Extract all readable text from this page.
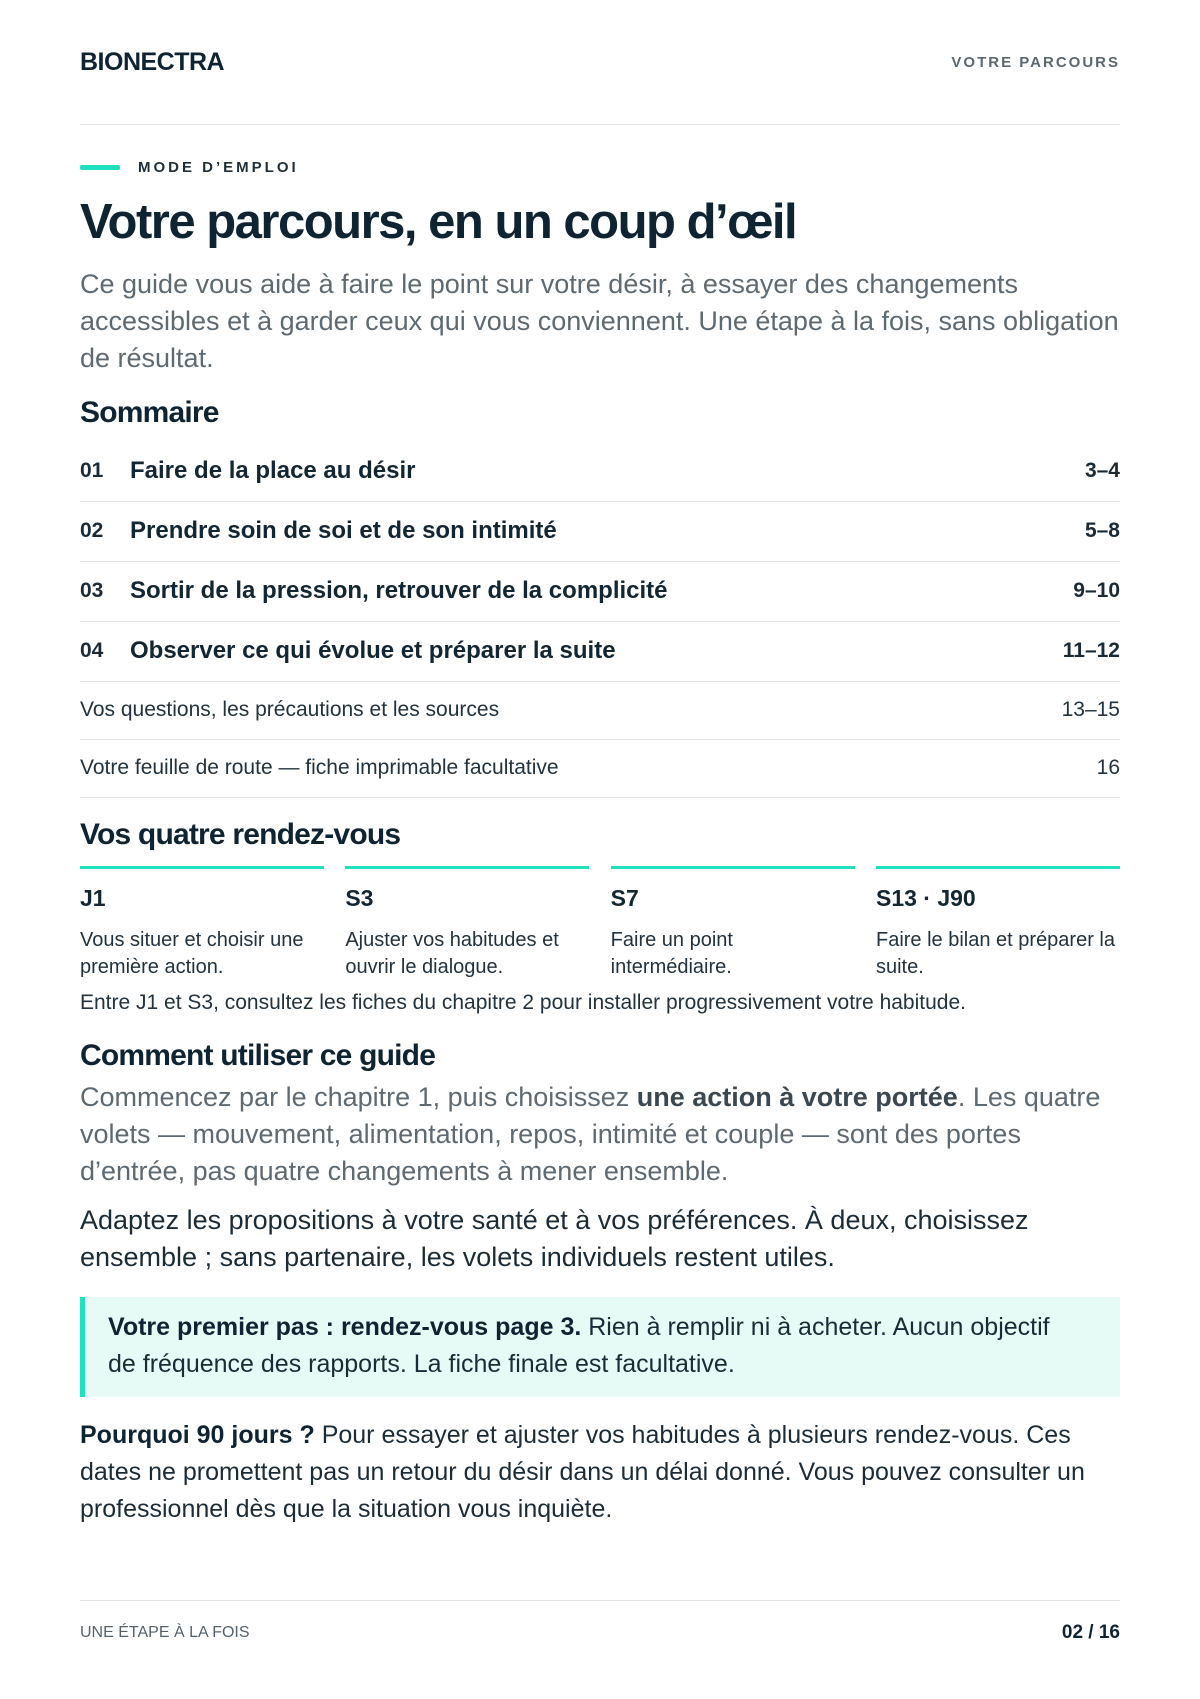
BIONECTRA	VOTRE PARCOURS
MODE D’EMPLOI
Votre parcours, en un coup d’œil

Ce guide vous aide à faire le point sur votre désir, à essayer des changements accessibles et à garder ceux qui vous conviennent. Une étape à la fois, sans obligation de résultat.

Sommaire
01	Faire de la place au désir	3–4
02	Prendre soin de soi et de son intimité	5–8
03	Sortir de la pression, retrouver de la complicité	9–10
04	Observer ce qui évolue et préparer la suite	11–12
Vos questions, les précautions et les sources	13–15
Votre feuille de route — fiche imprimable facultative	16
Vos quatre rendez-vous
J1
Vous situer et choisir une première action.
S3
Ajuster vos habitudes et ouvrir le dialogue.
S7
Faire un point intermédiaire.
S13 · J90
Faire le bilan et préparer la suite.
Entre J1 et S3, consultez les fiches du chapitre 2 pour installer progressivement votre habitude.
Comment utiliser ce guide

Commencez par le chapitre 1, puis choisissez une action à votre portée. Les quatre volets — mouvement, alimentation, repos, intimité et couple — sont des portes d’entrée, pas quatre changements à mener ensemble.

Adaptez les propositions à votre santé et à vos préférences. À deux, choisissez ensemble ; sans partenaire, les volets individuels restent utiles.

Votre premier pas : rendez-vous page 3. Rien à remplir ni à acheter. Aucun objectif de fréquence des rapports. La fiche finale est facultative.

Pourquoi 90 jours ? Pour essayer et ajuster vos habitudes à plusieurs rendez-vous. Ces dates ne promettent pas un retour du désir dans un délai donné. Vous pouvez consulter un professionnel dès que la situation vous inquiète.

UNE ÉTAPE À LA FOIS	02 / 16
